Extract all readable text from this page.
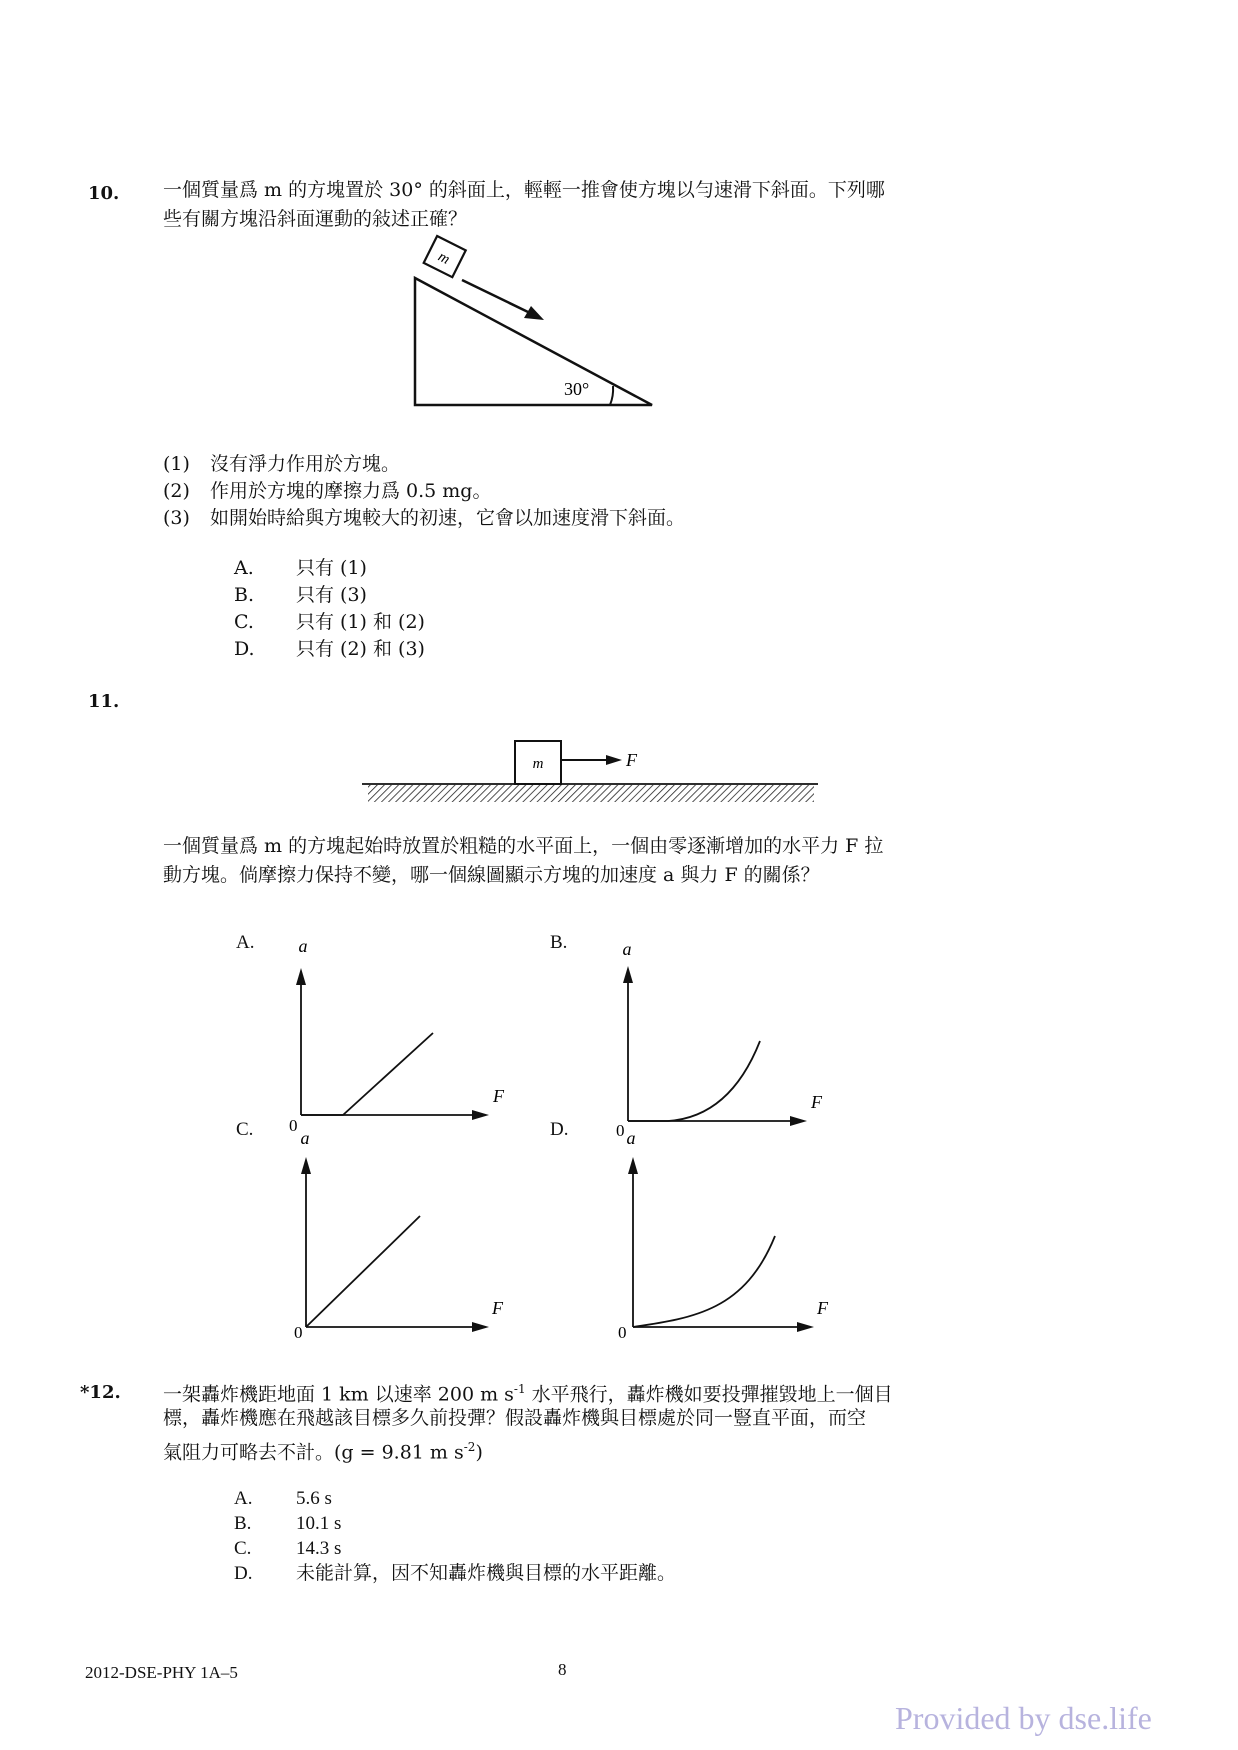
10. 一個質量爲 m 的方塊置於 30° 的斜面上，輕輕一推會使方塊以勻速滑下斜面。下列哪
些有關方塊沿斜面運動的敍述正確？
m
30°
(1) 沒有淨力作用於方塊。
(2) 作用於方塊的摩擦力爲 0.5 mg。
(3) 如開始時給與方塊較大的初速，它會以加速度滑下斜面。
A. 只有 (1)
B. 只有 (3)
C. 只有 (1) 和 (2)
D. 只有 (2) 和 (3)
11.
m	F
一個質量爲 m 的方塊起始時放置於粗糙的水平面上，一個由零逐漸增加的水平力 F 拉
動方塊。倘摩擦力保持不變，哪一個線圖顯示方塊的加速度 a 與力 F 的關係？
A. a
F
0
B.	a
F
0
C.	a
F
0
D.	a
F
0
*12. 一架轟炸機距地面 1 km 以速率 200 m $s^{-1}$ 水平飛行，轟炸機如要投彈摧毀地上一個目
標，轟炸機應在飛越該目標多久前投彈？假設轟炸機與目標處於同一豎直平面，而空
氣阻力可略去不計。(g = 9.81 m $s^{-2}$)
A. 5.6 s
B. 10.1 s
C. 14.3 s
D. 未能計算，因不知轟炸機與目標的水平距離。
2012-DSE-PHY 1A–5	8
Provided by dse.life
